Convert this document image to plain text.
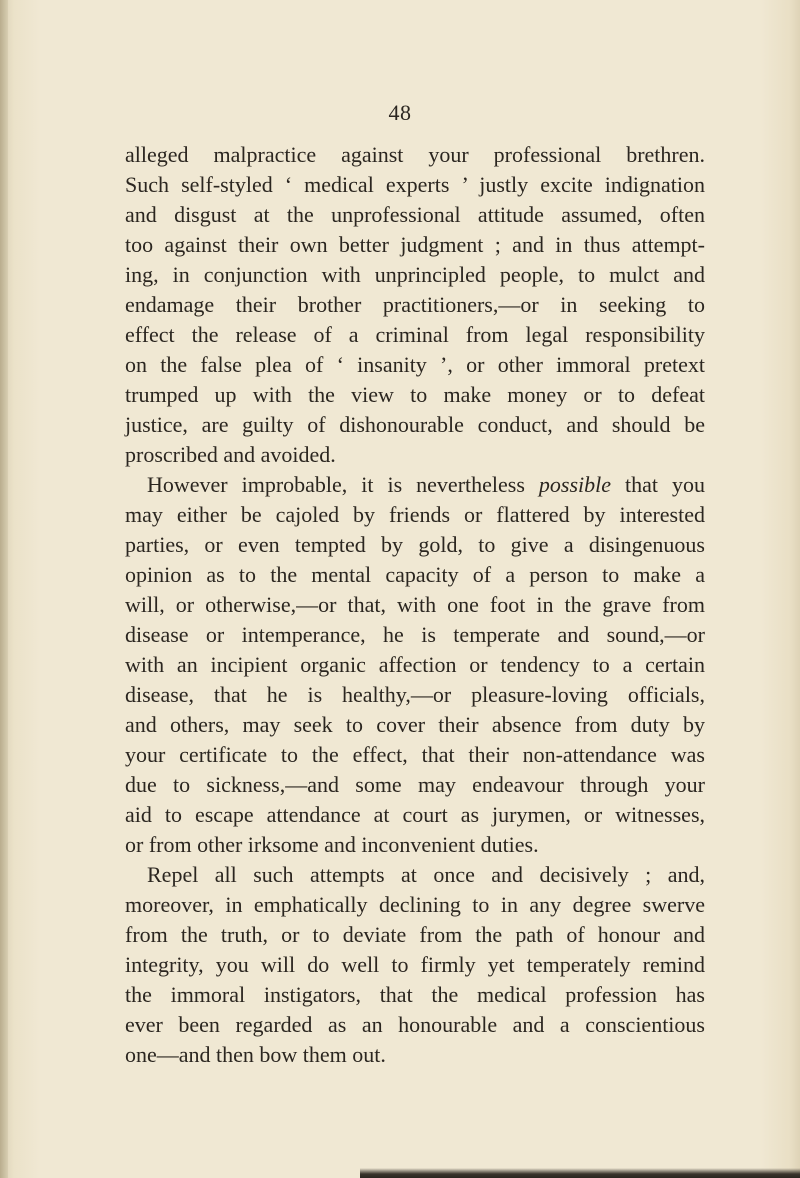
48
alleged malpractice against your professional brethren.
Such self-styled ‘ medical experts ’ justly excite indignation
and disgust at the unprofessional attitude assumed, often
too against their own better judgment ; and in thus attempt-
ing, in conjunction with unprincipled people, to mulct and
endamage their brother practitioners,—or in seeking to
effect the release of a criminal from legal responsibility
on the false plea of ‘ insanity ’, or other immoral pretext
trumped up with the view to make money or to defeat
justice, are guilty of dishonourable conduct, and should be
proscribed and avoided.
However improbable, it is nevertheless possible that you
may either be cajoled by friends or flattered by interested
parties, or even tempted by gold, to give a disingenuous
opinion as to the mental capacity of a person to make a
will, or otherwise,—or that, with one foot in the grave from
disease or intemperance, he is temperate and sound,—or
with an incipient organic affection or tendency to a certain
disease, that he is healthy,—or pleasure-loving officials,
and others, may seek to cover their absence from duty by
your certificate to the effect, that their non-attendance was
due to sickness,—and some may endeavour through your
aid to escape attendance at court as jurymen, or witnesses,
or from other irksome and inconvenient duties.
Repel all such attempts at once and decisively ; and,
moreover, in emphatically declining to in any degree swerve
from the truth, or to deviate from the path of honour and
integrity, you will do well to firmly yet temperately remind
the immoral instigators, that the medical profession has
ever been regarded as an honourable and a conscientious
one—and then bow them out.
